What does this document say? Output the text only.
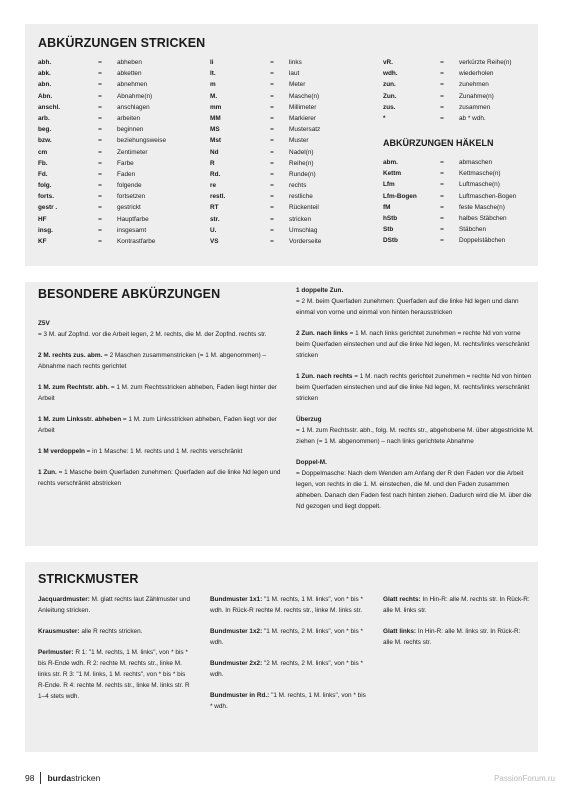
ABKÜRZUNGEN STRICKEN
abh.	=	abheben
abk.	=	abketten
abn.	=	abnehmen
Abn.	=	Abnahme(n)
anschl.	=	anschlagen
arb.	=	arbeiten
beg.	=	beginnen
bzw.	=	beziehungsweise
cm	=	Zentimeter
Fb.	=	Farbe
Fd.	=	Faden
folg.	=	folgende
forts.	=	fortsetzen
gestr .	=	gestrickt
HF	=	Hauptfarbe
insg.	=	insgesamt
KF	=	Kontrastfarbe
li	=	links
lt.	=	laut
m	=	Meter
M.	=	Masche(n)
mm	=	Millimeter
MM	=	Markierer
MS	=	Mustersatz
Mst	=	Muster
Nd	=	Nadel(n)
R	=	Reihe(n)
Rd.	=	Runde(n)
re	=	rechts
restl.	=	restliche
RT	=	Rückenteil
str.	=	stricken
U.	=	Umschlag
VS	=	Vorderseite
vR.	=	verkürzte Reihe(n)
wdh.	=	wiederholen
zun.	=	zunehmen
Zun.	=	Zunahme(n)
zus.	=	zusammen
*	=	ab * wdh.
ABKÜRZUNGEN HÄKELN
abm.	=	abmaschen
Kettm	=	Kettmasche(n)
Lfm	=	Luftmasche(n)
Lfm-Bogen	=	Luftmaschen-Bogen
fM	=	feste Masche(n)
hStb	=	halbes Stäbchen
Stb	=	Stäbchen
DStb	=	Doppelstäbchen
BESONDERE ABKÜRZUNGEN

Z5V
= 3 M. auf Zopfnd. vor die Arbeit legen, 2 M. rechts, die M. der Zopfnd. rechts str.

2 M. rechts zus. abm. = 2 Maschen zusammenstricken (= 1 M. abgenommen) – Abnahme nach rechts gerichtet

1 M. zum Rechtstr. abh. = 1 M. zum Rechtsstricken abheben, Faden liegt hinter der Arbeit

1 M. zum Linksstr. abheben = 1 M. zum Linksstricken abheben, Faden liegt vor der Arbeit

1 M verdoppeln = in 1 Masche: 1 M. rechts und 1 M. rechts verschränkt

1 Zun. = 1 Masche beim Querfaden zunehmen: Querfaden auf die linke Nd legen und rechts verschränkt abstricken

1 doppelte Zun.
= 2 M. beim Querfaden zunehmen: Querfaden auf die linke Nd legen und dann einmal von vorne und einmal von hinten herausstricken

2 Zun. nach links = 1 M. nach links gerichtet zunehmen = rechte Nd von vorne beim Querfaden einstechen und auf die linke Nd legen, M. rechts/links verschränkt stricken

1 Zun. nach rechts = 1 M. nach rechts gerichtet zunehmen = rechte Nd von hinten beim Querfaden einstechen und auf die linke Nd legen, M. rechts/links verschränkt stricken

Überzug
= 1 M. zum Rechtsstr. abh., folg. M. rechts str., abgehobene M. über abgestrickte M. ziehen (= 1 M. abgenommen) – nach links gerichtete Abnahme

Doppel-M.
= Doppelmasche: Nach dem Wenden am Anfang der R den Faden vor die Arbeit legen, von rechts in die 1. M. einstechen, die M. und den Faden zusammen abheben. Danach den Faden fest nach hinten ziehen. Dadurch wird die M. über die Nd gezogen und liegt doppelt.

STRICKMUSTER

Jacquardmuster: M. glatt rechts laut Zählmuster und Anleitung stricken.

Krausmuster: alle R rechts stricken.

Perlmuster: R 1: "1 M. rechts, 1 M. links", von * bis * bis R-Ende wdh. R 2: rechte M. rechts str., linke M. links str. R 3: "1 M. links, 1 M. rechts", von * bis * bis R-Ende. R 4: rechte M. rechts str., linke M. links str. R 1–4 stets wdh.

Bundmuster 1x1: "1 M. rechts, 1 M. links", von * bis * wdh. In Rück-R rechte M. rechts str., linke M. links str.

Bundmuster 1x2: "1 M. rechts, 2 M. links", von * bis * wdh.

Bundmuster 2x2: "2 M. rechts, 2 M. links", von * bis * wdh.

Bundmuster in Rd.: "1 M. rechts, 1 M. links", von * bis * wdh.

Glatt rechts: In Hin-R: alle M. rechts str. In Rück-R: alle M. links str.

Glatt links: In Hin-R: alle M. links str. In Rück-R: alle M. rechts str.

98 burdastricken	PassionForum.ru
